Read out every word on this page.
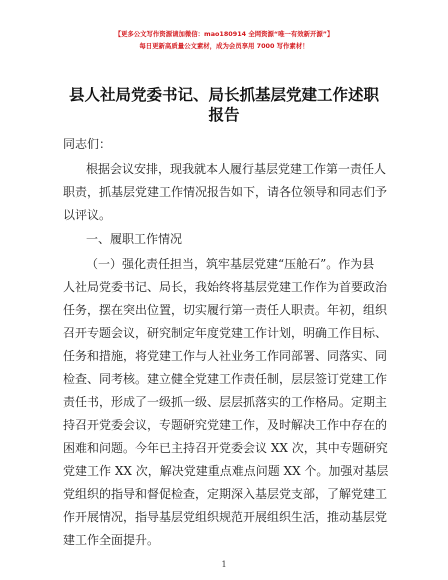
【更多公文写作资源请加微信：mao180914 全网资源“唯一有效新开源”】
每日更新高质量公文素材，成为会员享用 7000 写作素材！
县人社局党委书记、局长抓基层党建工作述职
报告
同志们：
根据会议安排，现我就本人履行基层党建工作第一责任人
职责，抓基层党建工作情况报告如下，请各位领导和同志们予
以评议。
一、履职工作情况
（一）强化责任担当，筑牢基层党建“压舱石”。作为县
人社局党委书记、局长，我始终将基层党建工作作为首要政治
任务，摆在突出位置，切实履行第一责任人职责。年初，组织
召开专题会议，研究制定年度党建工作计划，明确工作目标、
任务和措施，将党建工作与人社业务工作同部署、同落实、同
检查、同考核。建立健全党建工作责任制，层层签订党建工作
责任书，形成了一级抓一级、层层抓落实的工作格局。定期主
持召开党委会议，专题研究党建工作，及时解决工作中存在的
困难和问题。今年已主持召开党委会议 XX 次，其中专题研究
党建工作 XX 次，解决党建重点难点问题 XX 个。加强对基层
党组织的指导和督促检查，定期深入基层党支部，了解党建工
作开展情况，指导基层党组织规范开展组织生活，推动基层党
建工作全面提升。
1
